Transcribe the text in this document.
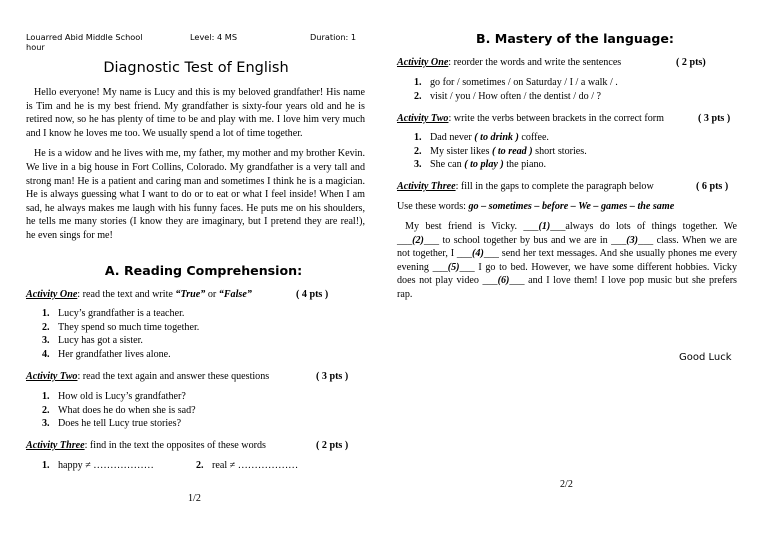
Louarred Abid Middle School
hour
Level: 4 MS	Duration: 1
Diagnostic Test of English

Hello everyone! My name is Lucy and this is my beloved grandfather! His name is Tim and he is my best friend. My grandfather is sixty-four years old and he is retired now, so he has plenty of time to be and play with me. I love him very much and I know he loves me too. We usually spend a lot of time together.

He is a widow and he lives with me, my father, my mother and my brother Kevin. We live in a big house in Fort Collins, Colorado. My grandfather is a very tall and strong man! He is a patient and caring man and sometimes I think he is a magician. He is always guessing what I want to do or to eat or what I feel inside! When I am sad, he always makes me laugh with his funny faces. He puts me on his shoulders, he tells me many stories (I know they are imaginary, but I pretend they are real!), he even sings for me!

A. Reading Comprehension:
Activity One: read the text and write “True” or “False”	( 4 pts )
1. Lucy’s grandfather is a teacher.
2. They spend so much time together.
3. Lucy has got a sister.
4. Her grandfather lives alone.
Activity Two: read the text again and answer these questions	( 3 pts )
1. How old is Lucy’s grandfather?
2. What does he do when she is sad?
3. Does he tell Lucy true stories?
Activity Three: find in the text the opposites of these words	( 2 pts )
1. happy ≠ ………………	2. real ≠ ………………
1/2
B. Mastery of the language:
Activity One: reorder the words and write the sentences	( 2 pts)
1. go for / sometimes / on Saturday / I / a walk / .
2. visit / you / How often / the dentist / do / ?
Activity Two: write the verbs between brackets in the correct form	( 3 pts )
1. Dad never ( to drink ) coffee.
2. My sister likes ( to read ) short stories.
3. She can ( to play ) the piano.
Activity Three: fill in the gaps to complete the paragraph below	( 6 pts )
Use these words: go – sometimes – before – We – games – the same

My best friend is Vicky. ___(1)___always do lots of things together. We ___(2)___ to school together by bus and we are in ___(3)___ class. When we are not together, I ___(4)___ send her text messages. And she usually phones me every evening ___(5)___ I go to bed. However, we have some different hobbies. Vicky does not play video ___(6)___ and I love them! I love pop music but she prefers rap.

Good Luck
2/2
